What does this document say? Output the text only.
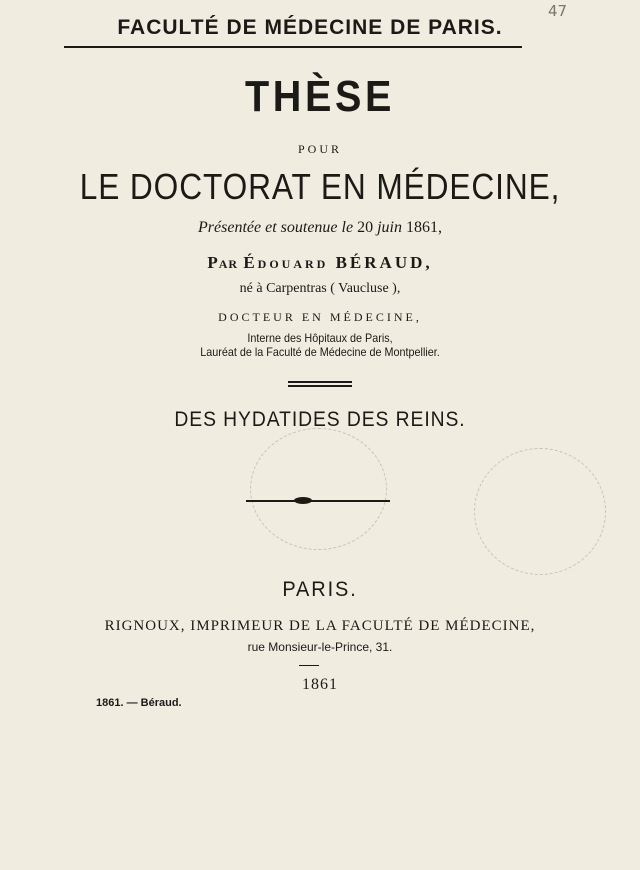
FACULTÉ DE MÉDECINE DE PARIS.
47
THÈSE
POUR
LE DOCTORAT EN MÉDECINE,
Présentée et soutenue le 20 juin 1861,
Par Édouard BÉRAUD,
né à Carpentras ( Vaucluse ),
DOCTEUR EN MÉDECINE,
Interne des Hôpitaux de Paris,
Lauréat de la Faculté de Médecine de Montpellier.
DES HYDATIDES DES REINS.
PARIS.
RIGNOUX, IMPRIMEUR DE LA FACULTÉ DE MÉDECINE,
rue Monsieur-le-Prince, 31.
1861
1861. — Béraud.
